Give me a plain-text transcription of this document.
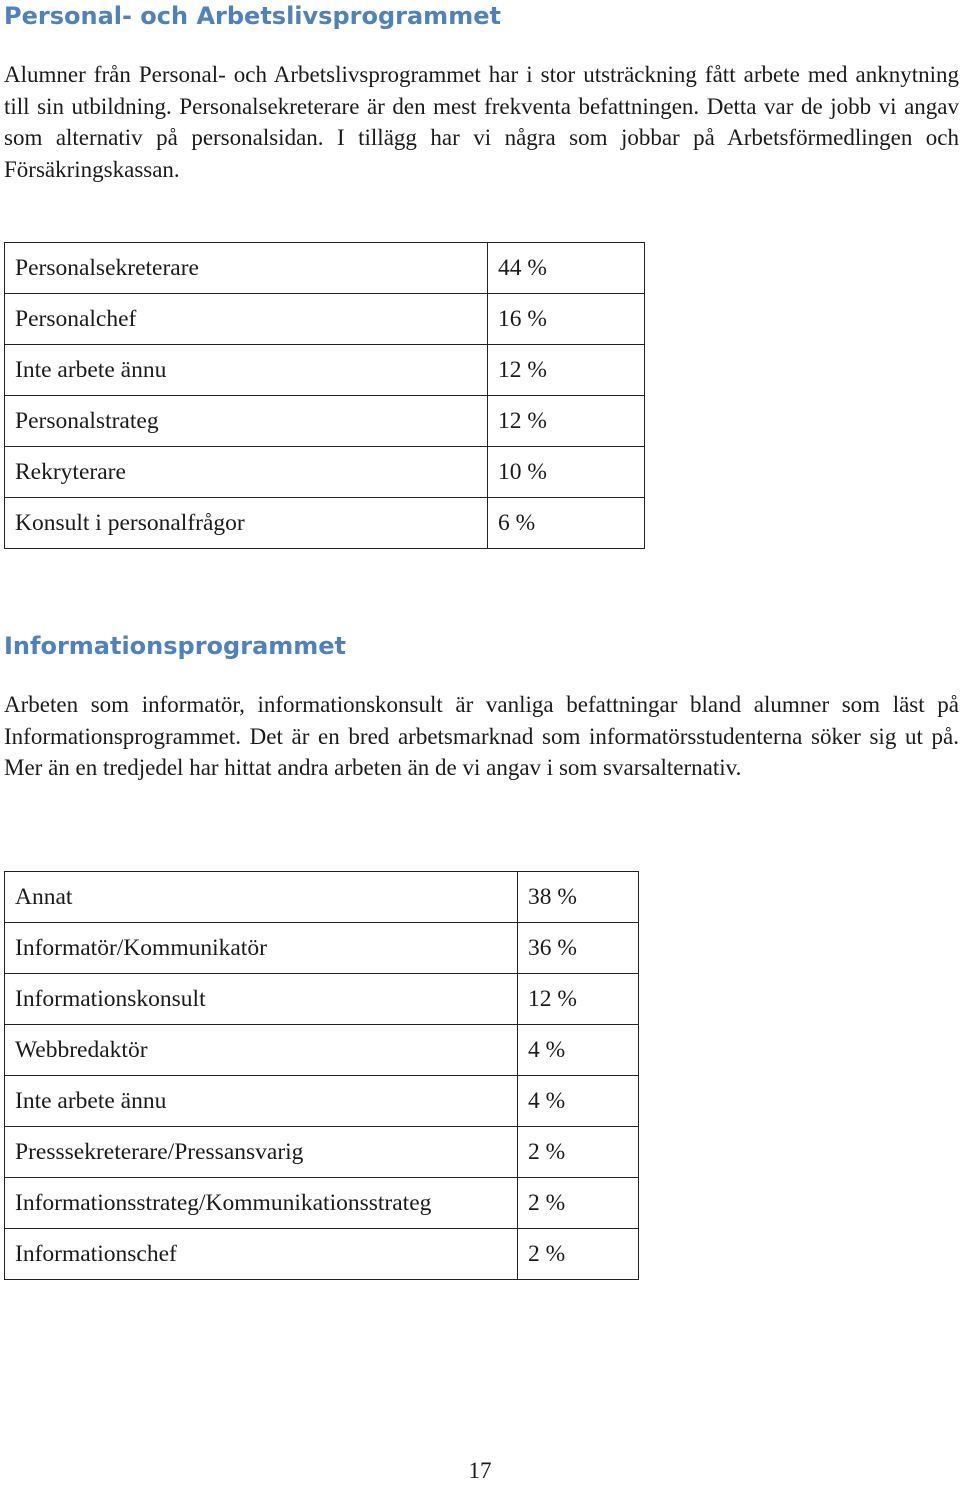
Personal- och Arbetslivsprogrammet

Alumner från Personal- och Arbetslivsprogrammet har i stor utsträckning fått arbete med anknytning till sin utbildning. Personalsekreterare är den mest frekventa befattningen. Detta var de jobb vi angav som alternativ på personalsidan. I tillägg har vi några som jobbar på Arbetsförmedlingen och Försäkringskassan.

Personalsekreterare	44 %
Personalchef	16 %
Inte arbete ännu	12 %
Personalstrateg	12 %
Rekryterare	10 %
Konsult i personalfrågor	6 %
Informationsprogrammet

Arbeten som informatör, informationskonsult är vanliga befattningar bland alumner som läst på Informationsprogrammet. Det är en bred arbetsmarknad som informatörsstudenterna söker sig ut på. Mer än en tredjedel har hittat andra arbeten än de vi angav i som svarsalternativ.

Annat	38 %
Informatör/Kommunikatör	36 %
Informationskonsult	12 %
Webbredaktör	4 %
Inte arbete ännu	4 %
Presssekreterare/Pressansvarig	2 %
Informationsstrateg/Kommunikationsstrateg	2 %
Informationschef	2 %
17
